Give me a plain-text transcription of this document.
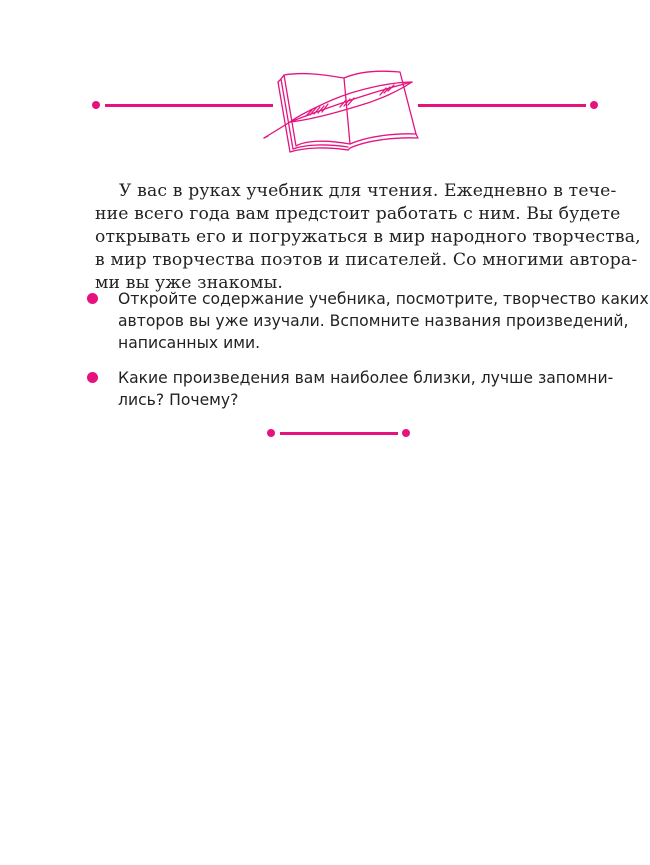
У вас в руках учебник для чтения. Ежедневно в тече-
ние всего года вам предстоит работать с ним. Вы будете
открывать его и погружаться в мир народного творчества,
в мир творчества поэтов и писателей. Со многими автора-
ми вы уже знакомы.
Откройте содержание учебника, посмотрите, творчество каких
авторов вы уже изучали. Вспомните названия произведений,
написанных ими.
Какие произведения вам наиболее близки, лучше запомни-
лись? Почему?
